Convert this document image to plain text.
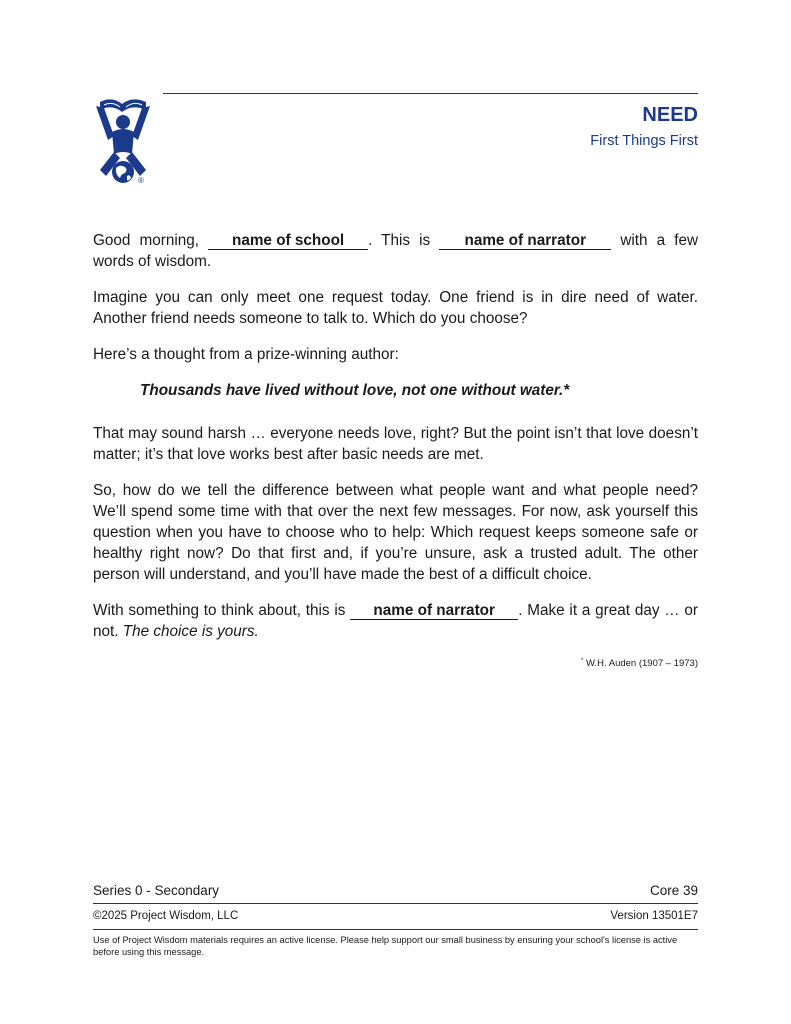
®
NEED
First Things First

Good morning, name of school . This is name of narrator with a few words of wisdom.

Imagine you can only meet one request today. One friend is in dire need of water. Another friend needs someone to talk to. Which do you choose?

Here’s a thought from a prize-winning author:

Thousands have lived without love, not one without water.*

That may sound harsh … everyone needs love, right? But the point isn’t that love doesn’t matter; it’s that love works best after basic needs are met.

So, how do we tell the difference between what people want and what people need? We’ll spend some time with that over the next few messages. For now, ask yourself this question when you have to choose who to help: Which request keeps someone safe or healthy right now? Do that first and, if you’re unsure, ask a trusted adult. The other person will understand, and you’ll have made the best of a difficult choice.

With something to think about, this is name of narrator . Make it a great day … or not. The choice is yours.

* W.H. Auden (1907 – 1973)
Series 0 - Secondary	Core 39
©2025 Project Wisdom, LLC	Version 13501E7
Use of Project Wisdom materials requires an active license. Please help support our small business by ensuring your school's license is active before using this message.
